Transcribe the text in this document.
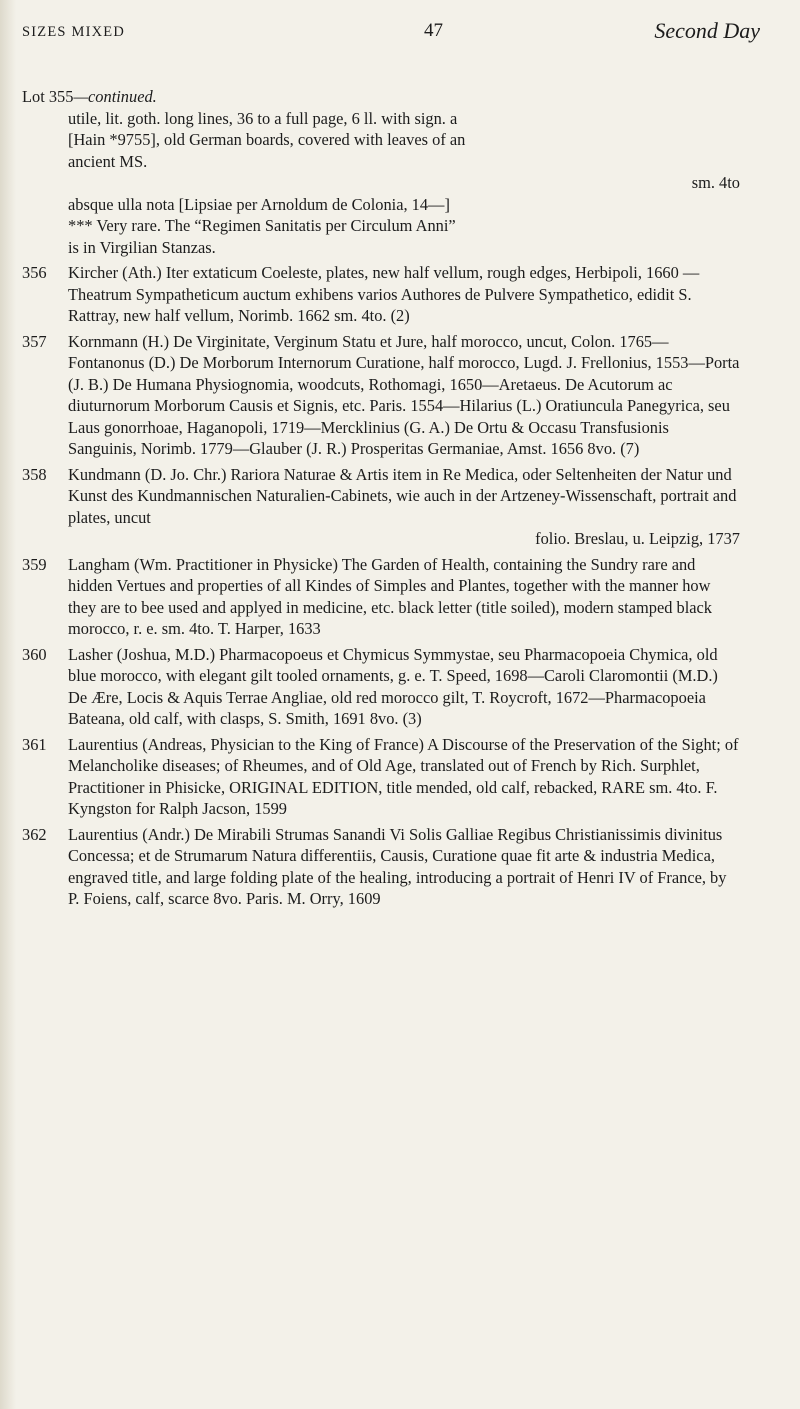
SIZES MIXED	47	Second Day
Lot 355—continued.
utile, lit. goth. long lines, 36 to a full page, 6 ll. with sign. a
[Hain *9755], old German boards, covered with leaves of an
ancient MS.
sm. 4to
absque ulla nota [Lipsiae per Arnoldum de Colonia, 14—]
*** Very rare. The “Regimen Sanitatis per Circulum Anni”
is in Virgilian Stanzas.
356 Kircher (Ath.) Iter extaticum Coeleste, plates, new half vellum, rough edges, Herbipoli, 1660 — Theatrum Sympatheticum auctum exhibens varios Authores de Pulvere Sympathetico, edidit S. Rattray, new half vellum, Norimb. 1662 sm. 4to. (2)
357 Kornmann (H.) De Virginitate, Verginum Statu et Jure, half morocco, uncut, Colon. 1765—Fontanonus (D.) De Morborum Internorum Curatione, half morocco, Lugd. J. Frellonius, 1553—Porta (J. B.) De Humana Physiognomia, woodcuts, Rothomagi, 1650—Aretaeus. De Acutorum ac diuturnorum Morborum Causis et Signis, etc. Paris. 1554—Hilarius (L.) Oratiuncula Panegyrica, seu Laus gonorrhoae, Haganopoli, 1719—Mercklinius (G. A.) De Ortu & Occasu Transfusionis Sanguinis, Norimb. 1779—Glauber (J. R.) Prosperitas Germaniae, Amst. 1656 8vo. (7)
358 Kundmann (D. Jo. Chr.) Rariora Naturae & Artis item in Re Medica, oder Seltenheiten der Natur und Kunst des Kundmannischen Naturalien-Cabinets, wie auch in der Artzeney-Wissenschaft, portrait and plates, uncut
folio. Breslau, u. Leipzig, 1737
359 Langham (Wm. Practitioner in Physicke) The Garden of Health, containing the Sundry rare and hidden Vertues and properties of all Kindes of Simples and Plantes, together with the manner how they are to bee used and applyed in medicine, etc. black letter (title soiled), modern stamped black morocco, r. e. sm. 4to. T. Harper, 1633
360 Lasher (Joshua, M.D.) Pharmacopoeus et Chymicus Symmystae, seu Pharmacopoeia Chymica, old blue morocco, with elegant gilt tooled ornaments, g. e. T. Speed, 1698—Caroli Claromontii (M.D.) De Ære, Locis & Aquis Terrae Angliae, old red morocco gilt, T. Roycroft, 1672—Pharmacopoeia Bateana, old calf, with clasps, S. Smith, 1691 8vo. (3)
361 Laurentius (Andreas, Physician to the King of France) A Discourse of the Preservation of the Sight; of Melancholike diseases; of Rheumes, and of Old Age, translated out of French by Rich. Surphlet, Practitioner in Phisicke, ORIGINAL EDITION, title mended, old calf, rebacked, RARE sm. 4to. F. Kyngston for Ralph Jacson, 1599
362 Laurentius (Andr.) De Mirabili Strumas Sanandi Vi Solis Galliae Regibus Christianissimis divinitus Concessa; et de Strumarum Natura differentiis, Causis, Curatione quae fit arte & industria Medica, engraved title, and large folding plate of the healing, introducing a portrait of Henri IV of France, by P. Foiens, calf, scarce 8vo. Paris. M. Orry, 1609
